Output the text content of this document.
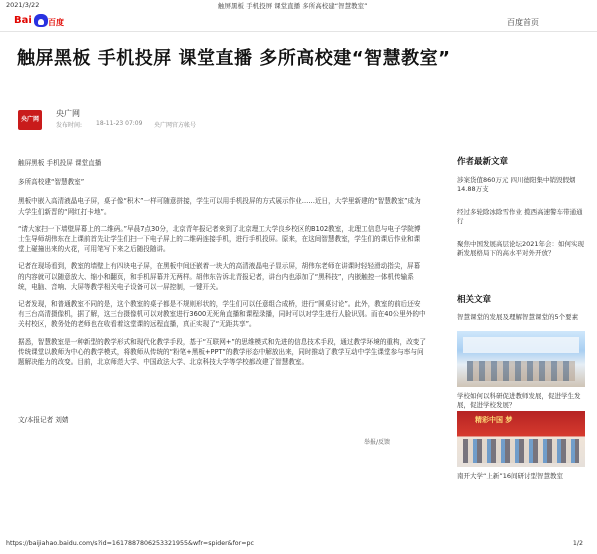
2021/3/22	触屏黑板 手机投屏 课堂直播 多所高校建“智慧教室”
Bai 百度	百度首页
触屏黑板 手机投屏 课堂直播 多所高校建“智慧教室”
央广网
央广网
发布时间: 18-11-23 07:09 央广网官方帐号

触屏黑板 手机投屏 课堂直播

多所高校建“智慧教室”

黑板中嵌入高清液晶电子屏，桌子像“积木”一样可随意拼接，学生可以用手机投屏的方式展示作业……近日，大学里新建的“智慧教室”成为大学生们新晋的“网红打卡地”。

“请大家扫一下墙壁屏幕上的二维码。”早晨7点30分，北京青年报记者来到了北京理工大学良乡校区的B102教室，北理工信息与电子学院博士生导师胡伟东在上课前首先让学生们扫一下电子屏上的二维码连接手机，进行手机投屏。原来，在这间智慧教室，学生们的课后作业和课堂上碰撞出来的火花，可用笔写下来之后随投随讲。

记者在现场看到，教室的墙壁上有四块电子屏，在黑板中间还嵌着一块大的高清液晶电子显示屏，胡伟东老师在讲课时轻轻滑动指尖，屏幕的内容就可以随意放大、缩小和翻页，和手机屏幕并无两样。胡伟东告诉北青报记者，讲台内也添加了“黑科技”，内嵌触控一体机传输系统，电脑、音响、大屏等教学相关电子设备可以一屏控制，一键开关。

记者发现，和普通教室不同的是，这个教室的桌子都是不规则形状的，学生们可以任意组合成桥，进行“圆桌讨论”。此外，教室的前后还安有三台高清摄像机，据了解，这三台摄像机可以对教室进行3600无死角直播和课程录播，同时可以对学生进行人脸识别。而在40公里外的中关村校区，教务处的老师也在收看着这堂课的远程直播，真正实现了“无距共享”。

据悉，智慧教室是一种新型的教学形式和现代化教学手段，基于“互联网+”的思维模式和先进的信息技术手段，通过教学环境的重构，改变了传统课堂以教师为中心的教学模式，将教师从传统的“粉笔+黑板+PPT”的教学形态中解放出来，同时推动了教学互动中学生课堂参与率与问题解决能力的改变。目前，北京师范大学、中国政法大学、北京科技大学等学校都改建了智慧教室。

文/本报记者 刘婧
举报/反馈
作者最新文章
涉案货值860万元 四川德阳集中销毁假烟14.88万支
经过多轮除冰除雪作业 揽西高速警车带通通行
聚焦中国发展高层论坛2021年会：如何实现新发展格局下的高水平对外开放？
相关文章
智慧课堂的发展及理解智慧课堂的5个要素
学校如何以科研促进教师发展，促进学生发展，促进学校发展？
精彩中国 梦
南开大学“上新”16间研讨型智慧教室
https://baijiahao.baidu.com/s?id=1617887806253321955&wfr=spider&for=pc	1/2
